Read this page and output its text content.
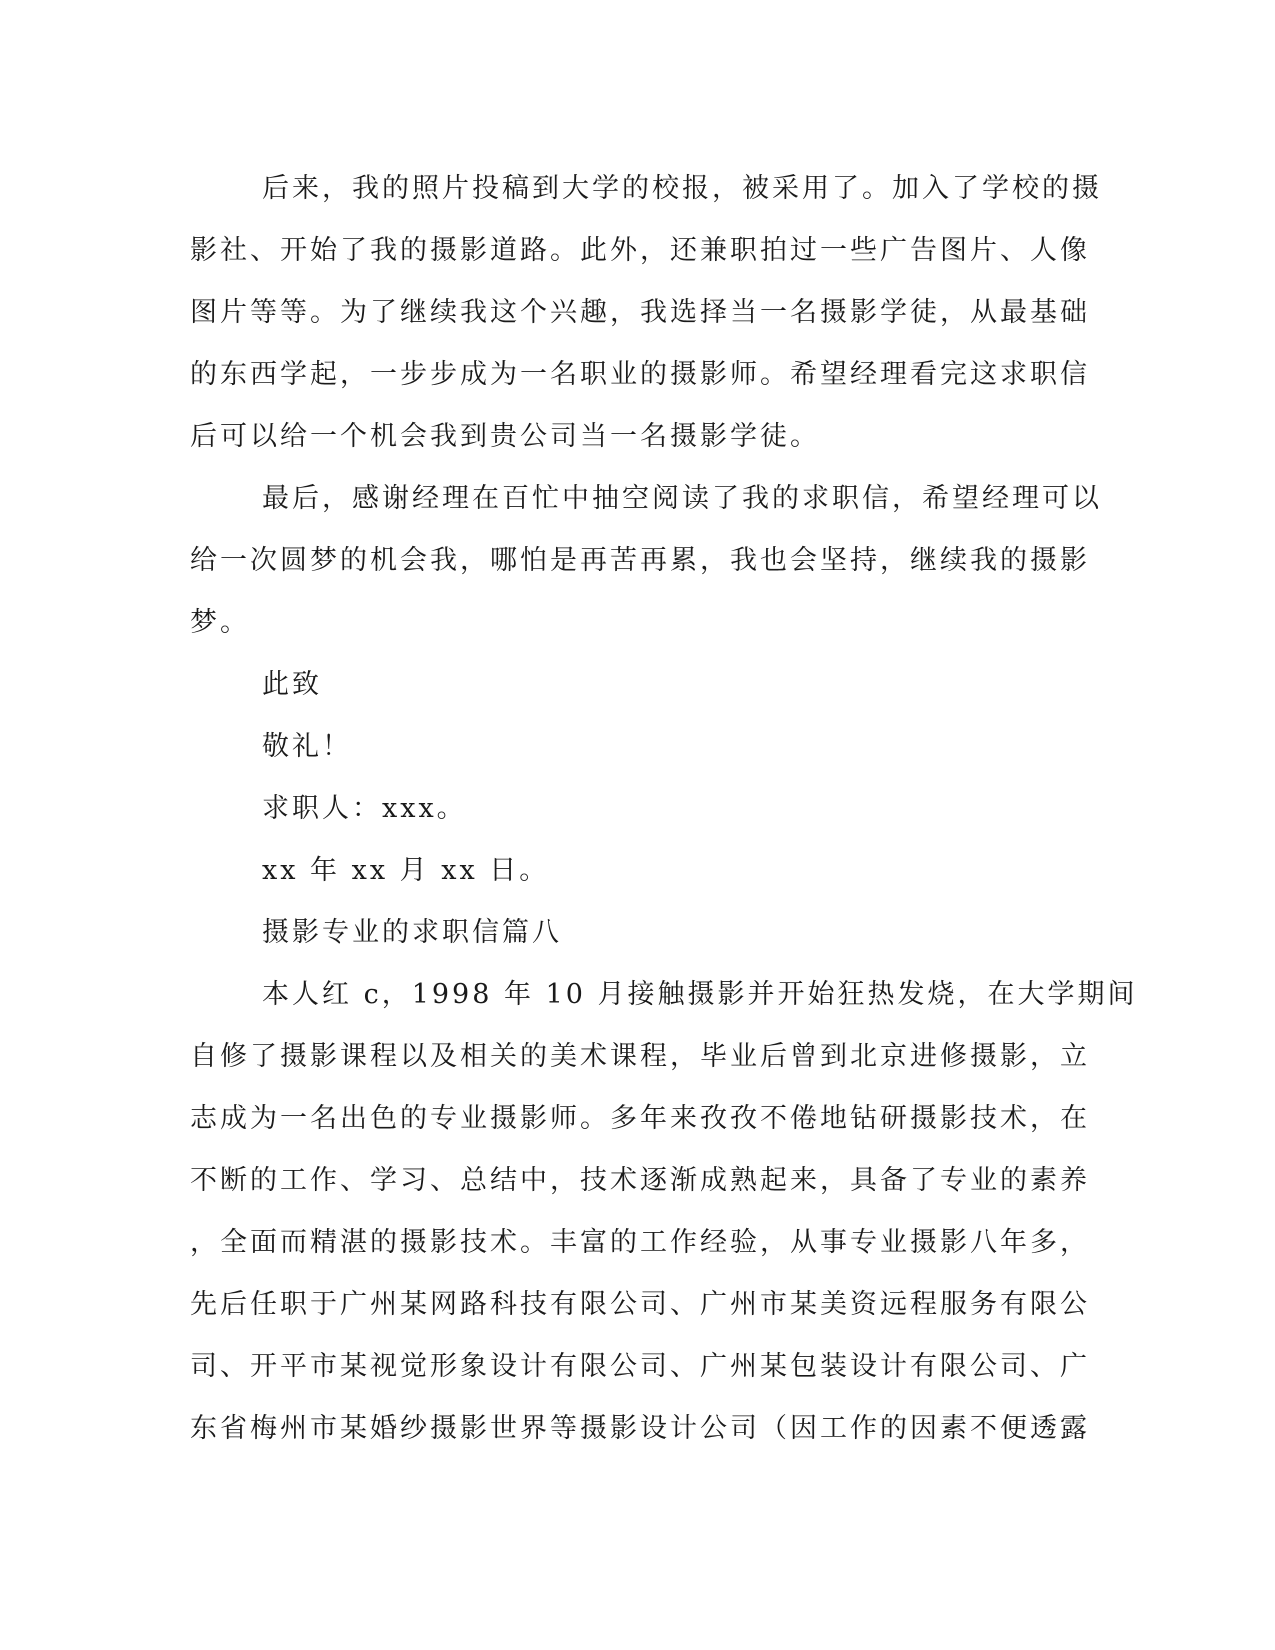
后来，我的照片投稿到大学的校报，被采用了。加入了学校的摄
影社、开始了我的摄影道路。此外，还兼职拍过一些广告图片、人像
图片等等。为了继续我这个兴趣，我选择当一名摄影学徒，从最基础
的东西学起，一步步成为一名职业的摄影师。希望经理看完这求职信
后可以给一个机会我到贵公司当一名摄影学徒。
最后，感谢经理在百忙中抽空阅读了我的求职信，希望经理可以
给一次圆梦的机会我，哪怕是再苦再累，我也会坚持，继续我的摄影
梦。
此致
敬礼！
求职人：xxx。
xx 年 xx 月 xx 日。
摄影专业的求职信篇八
本人红 c，1998 年 10 月接触摄影并开始狂热发烧，在大学期间
自修了摄影课程以及相关的美术课程，毕业后曾到北京进修摄影，立
志成为一名出色的专业摄影师。多年来孜孜不倦地钻研摄影技术，在
不断的工作、学习、总结中，技术逐渐成熟起来，具备了专业的素养
，全面而精湛的摄影技术。丰富的工作经验，从事专业摄影八年多，
先后任职于广州某网路科技有限公司、广州市某美资远程服务有限公
司、开平市某视觉形象设计有限公司、广州某包装设计有限公司、广
东省梅州市某婚纱摄影世界等摄影设计公司（因工作的因素不便透露
